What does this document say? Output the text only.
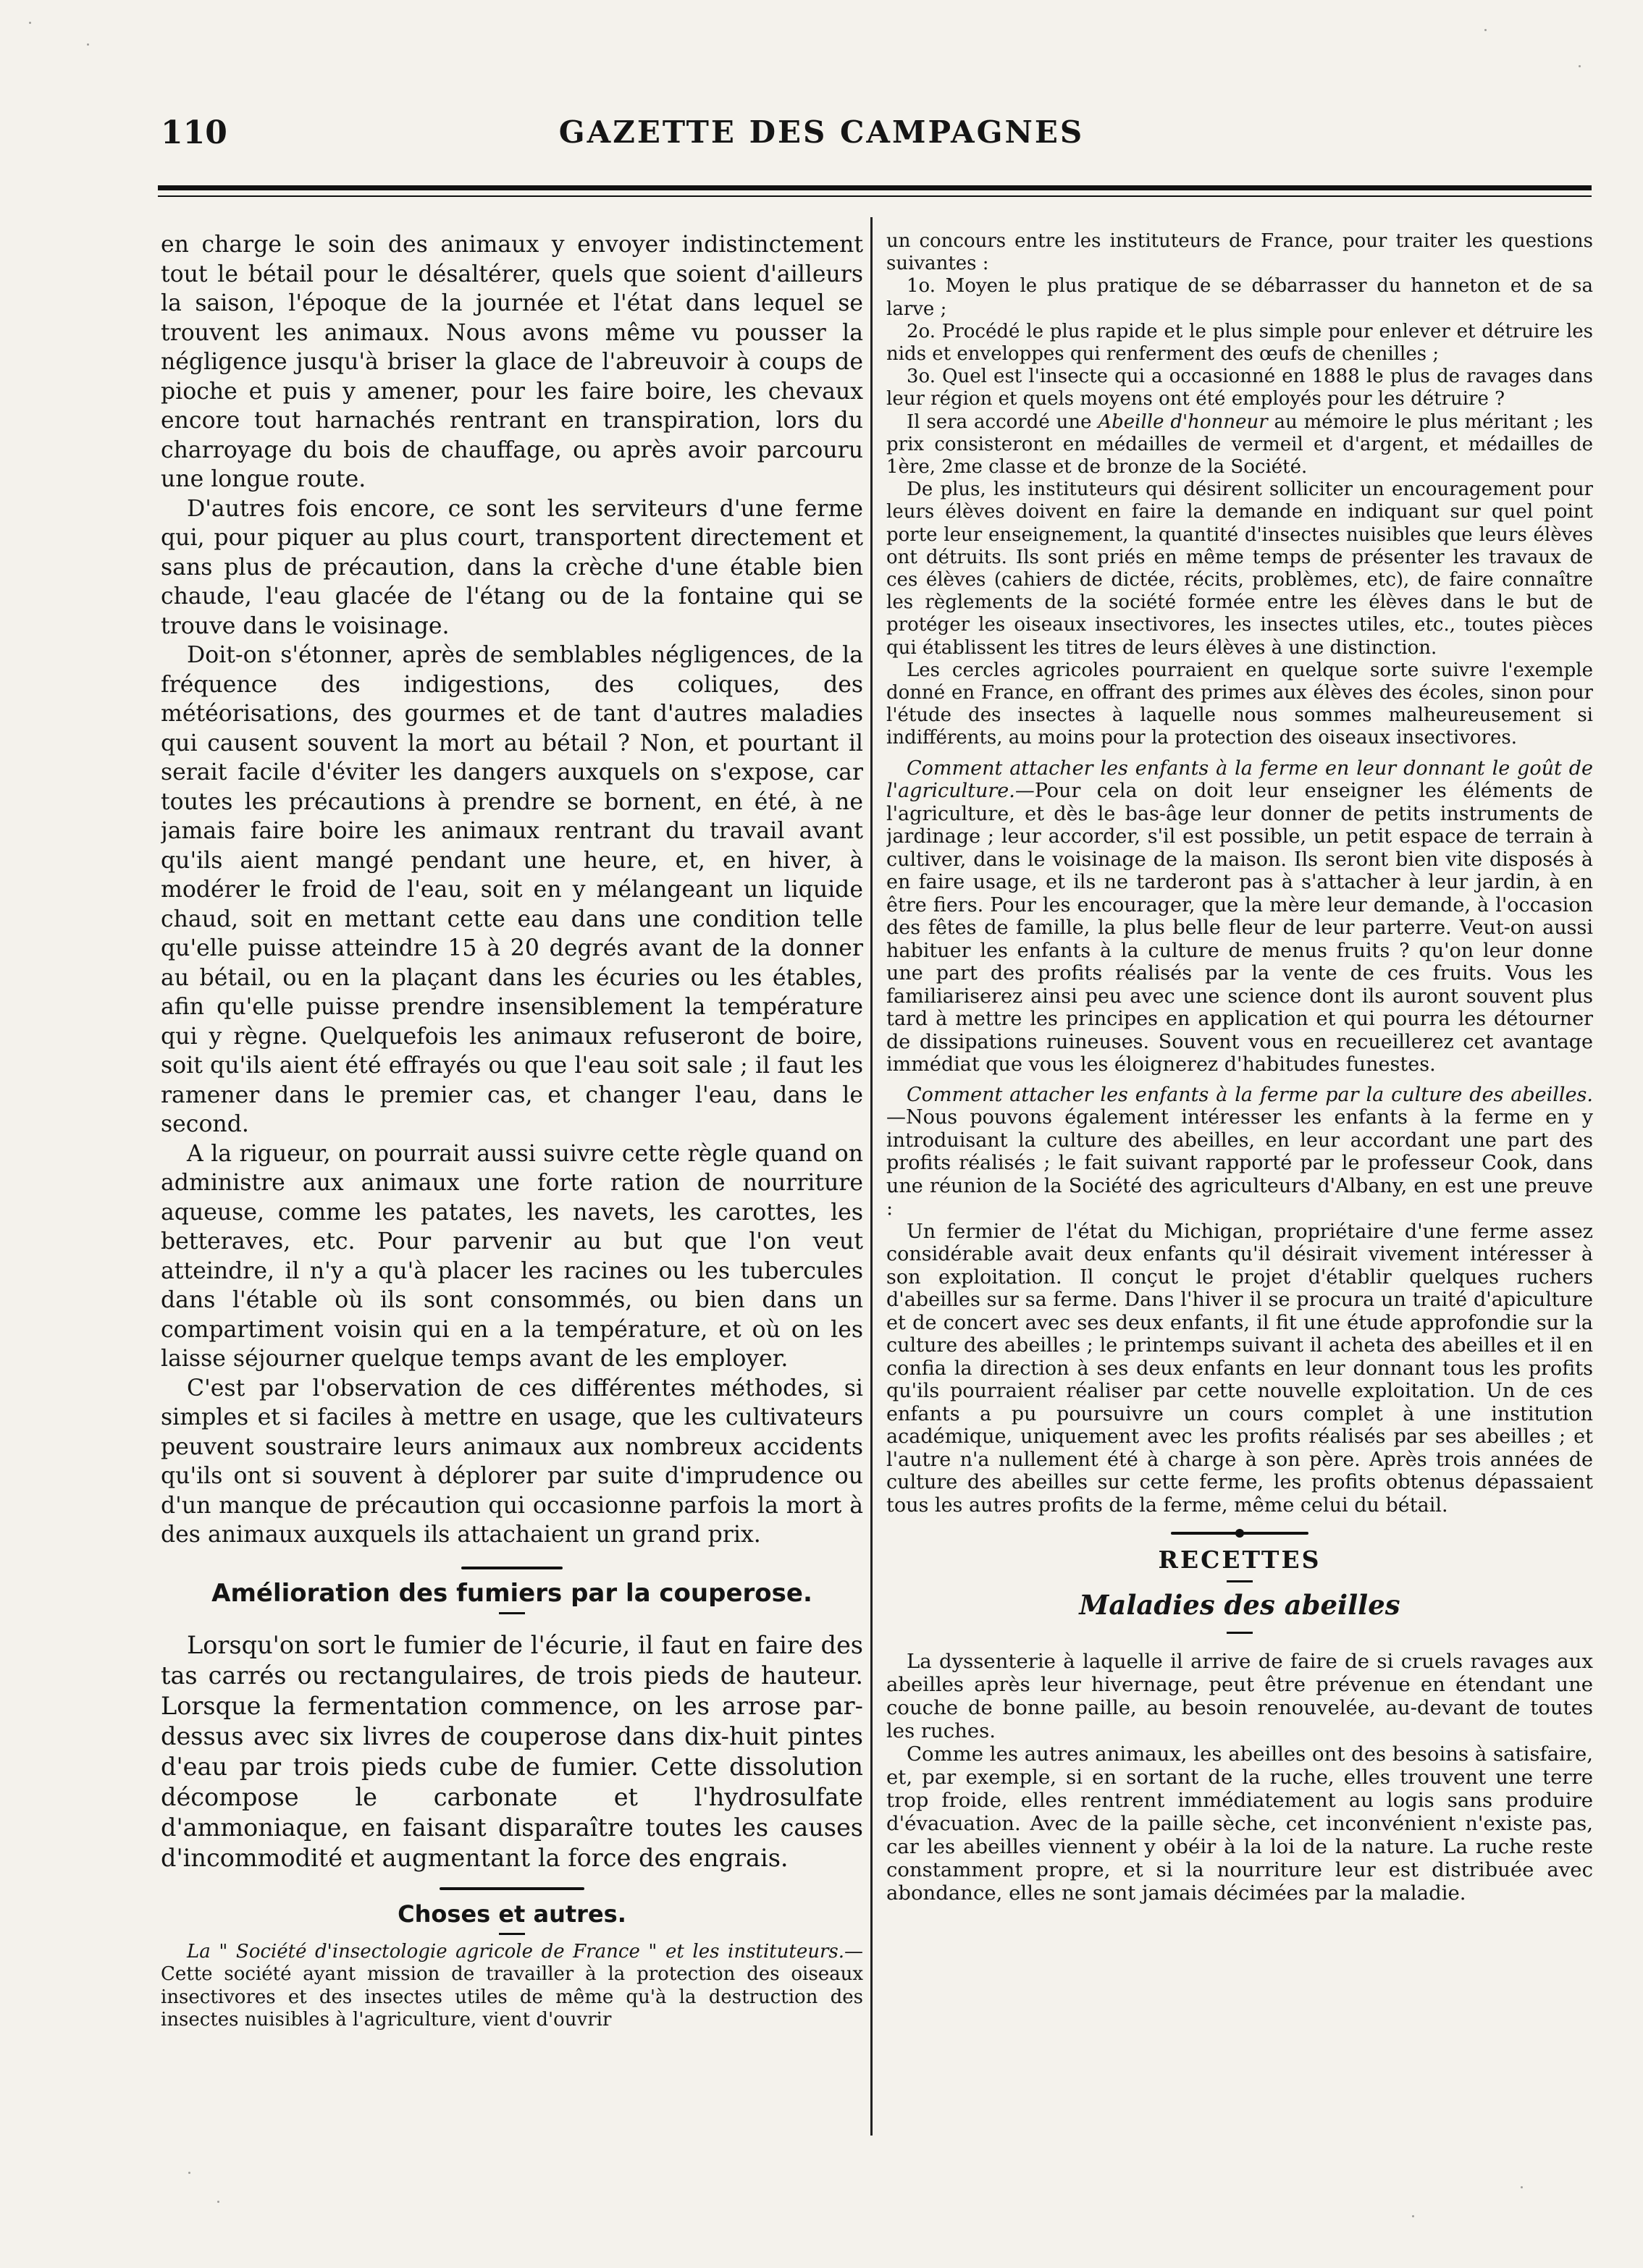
110	GAZETTE DES CAMPAGNES

en charge le soin des animaux y envoyer indistinctement tout le bétail pour le désaltérer, quels que soient d'ailleurs la saison, l'époque de la journée et l'état dans lequel se trouvent les animaux. Nous avons même vu pousser la négligence jusqu'à briser la glace de l'abreuvoir à coups de pioche et puis y amener, pour les faire boire, les chevaux encore tout harnachés rentrant en transpiration, lors du charroyage du bois de chauffage, ou après avoir parcouru une longue route.

D'autres fois encore, ce sont les serviteurs d'une ferme qui, pour piquer au plus court, transportent directement et sans plus de précaution, dans la crèche d'une étable bien chaude, l'eau glacée de l'étang ou de la fontaine qui se trouve dans le voisinage.

Doit-on s'étonner, après de semblables négligences, de la fréquence des indigestions, des coliques, des météorisations, des gourmes et de tant d'autres maladies qui causent souvent la mort au bétail ? Non, et pourtant il serait facile d'éviter les dangers auxquels on s'expose, car toutes les précautions à prendre se bornent, en été, à ne jamais faire boire les animaux rentrant du travail avant qu'ils aient mangé pendant une heure, et, en hiver, à modérer le froid de l'eau, soit en y mélangeant un liquide chaud, soit en mettant cette eau dans une condition telle qu'elle puisse atteindre 15 à 20 degrés avant de la donner au bétail, ou en la plaçant dans les écuries ou les étables, afin qu'elle puisse prendre insensiblement la température qui y règne. Quelquefois les animaux refuseront de boire, soit qu'ils aient été effrayés ou que l'eau soit sale ; il faut les ramener dans le premier cas, et changer l'eau, dans le second.

A la rigueur, on pourrait aussi suivre cette règle quand on administre aux animaux une forte ration de nourriture aqueuse, comme les patates, les navets, les carottes, les betteraves, etc. Pour parvenir au but que l'on veut atteindre, il n'y a qu'à placer les racines ou les tubercules dans l'étable où ils sont consommés, ou bien dans un compartiment voisin qui en a la température, et où on les laisse séjourner quelque temps avant de les employer.

C'est par l'observation de ces différentes méthodes, si simples et si faciles à mettre en usage, que les cultivateurs peuvent soustraire leurs animaux aux nombreux accidents qu'ils ont si souvent à déplorer par suite d'imprudence ou d'un manque de précaution qui occasionne parfois la mort à des animaux auxquels ils attachaient un grand prix.

Amélioration des fumiers par la couperose.

Lorsqu'on sort le fumier de l'écurie, il faut en faire des tas carrés ou rectangulaires, de trois pieds de hauteur. Lorsque la fermentation commence, on les arrose par-dessus avec six livres de couperose dans dix-huit pintes d'eau par trois pieds cube de fumier. Cette dissolution décompose le carbonate et l'hydrosulfate d'ammoniaque, en faisant disparaître toutes les causes d'incommodité et augmentant la force des engrais.

Choses et autres.

La " Société d'insectologie agricole de France " et les instituteurs.—Cette société ayant mission de travailler à la protection des oiseaux insectivores et des insectes utiles de même qu'à la destruction des insectes nuisibles à l'agriculture, vient d'ouvrir

un concours entre les instituteurs de France, pour traiter les questions suivantes :

1o. Moyen le plus pratique de se débarrasser du hanneton et de sa larve ;

2o. Procédé le plus rapide et le plus simple pour enlever et détruire les nids et enveloppes qui renferment des œufs de chenilles ;

3o. Quel est l'insecte qui a occasionné en 1888 le plus de ravages dans leur région et quels moyens ont été employés pour les détruire ?

Il sera accordé une Abeille d'honneur au mémoire le plus méritant ; les prix consisteront en médailles de vermeil et d'argent, et médailles de 1ère, 2me classe et de bronze de la Société.

De plus, les instituteurs qui désirent solliciter un encouragement pour leurs élèves doivent en faire la demande en indiquant sur quel point porte leur enseignement, la quantité d'insectes nuisibles que leurs élèves ont détruits. Ils sont priés en même temps de présenter les travaux de ces élèves (cahiers de dictée, récits, problèmes, etc), de faire connaître les règlements de la société formée entre les élèves dans le but de protéger les oiseaux insectivores, les insectes utiles, etc., toutes pièces qui établissent les titres de leurs élèves à une distinction.

Les cercles agricoles pourraient en quelque sorte suivre l'exemple donné en France, en offrant des primes aux élèves des écoles, sinon pour l'étude des insectes à laquelle nous sommes malheureusement si indifférents, au moins pour la protection des oiseaux insectivores.

Comment attacher les enfants à la ferme en leur donnant le goût de l'agriculture.—Pour cela on doit leur enseigner les éléments de l'agriculture, et dès le bas-âge leur donner de petits instruments de jardinage ; leur accorder, s'il est possible, un petit espace de terrain à cultiver, dans le voisinage de la maison. Ils seront bien vite disposés à en faire usage, et ils ne tarderont pas à s'attacher à leur jardin, à en être fiers. Pour les encourager, que la mère leur demande, à l'occasion des fêtes de famille, la plus belle fleur de leur parterre. Veut-on aussi habituer les enfants à la culture de menus fruits ? qu'on leur donne une part des profits réalisés par la vente de ces fruits. Vous les familiariserez ainsi peu avec une science dont ils auront souvent plus tard à mettre les principes en application et qui pourra les détourner de dissipations ruineuses. Souvent vous en recueillerez cet avantage immédiat que vous les éloignerez d'habitudes funestes.

Comment attacher les enfants à la ferme par la culture des abeilles.—Nous pouvons également intéresser les enfants à la ferme en y introduisant la culture des abeilles, en leur accordant une part des profits réalisés ; le fait suivant rapporté par le professeur Cook, dans une réunion de la Société des agriculteurs d'Albany, en est une preuve :

Un fermier de l'état du Michigan, propriétaire d'une ferme assez considérable avait deux enfants qu'il désirait vivement intéresser à son exploitation. Il conçut le projet d'établir quelques ruchers d'abeilles sur sa ferme. Dans l'hiver il se procura un traité d'apiculture et de concert avec ses deux enfants, il fit une étude approfondie sur la culture des abeilles ; le printemps suivant il acheta des abeilles et il en confia la direction à ses deux enfants en leur donnant tous les profits qu'ils pourraient réaliser par cette nouvelle exploitation. Un de ces enfants a pu poursuivre un cours complet à une institution académique, uniquement avec les profits réalisés par ses abeilles ; et l'autre n'a nullement été à charge à son père. Après trois années de culture des abeilles sur cette ferme, les profits obtenus dépassaient tous les autres profits de la ferme, même celui du bétail.

RECETTES
Maladies des abeilles

La dyssenterie à laquelle il arrive de faire de si cruels ravages aux abeilles après leur hivernage, peut être prévenue en étendant une couche de bonne paille, au besoin renouvelée, au-devant de toutes les ruches.

Comme les autres animaux, les abeilles ont des besoins à satisfaire, et, par exemple, si en sortant de la ruche, elles trouvent une terre trop froide, elles rentrent immédiatement au logis sans produire d'évacuation. Avec de la paille sèche, cet inconvénient n'existe pas, car les abeilles viennent y obéir à la loi de la nature. La ruche reste constamment propre, et si la nourriture leur est distribuée avec abondance, elles ne sont jamais décimées par la maladie.
